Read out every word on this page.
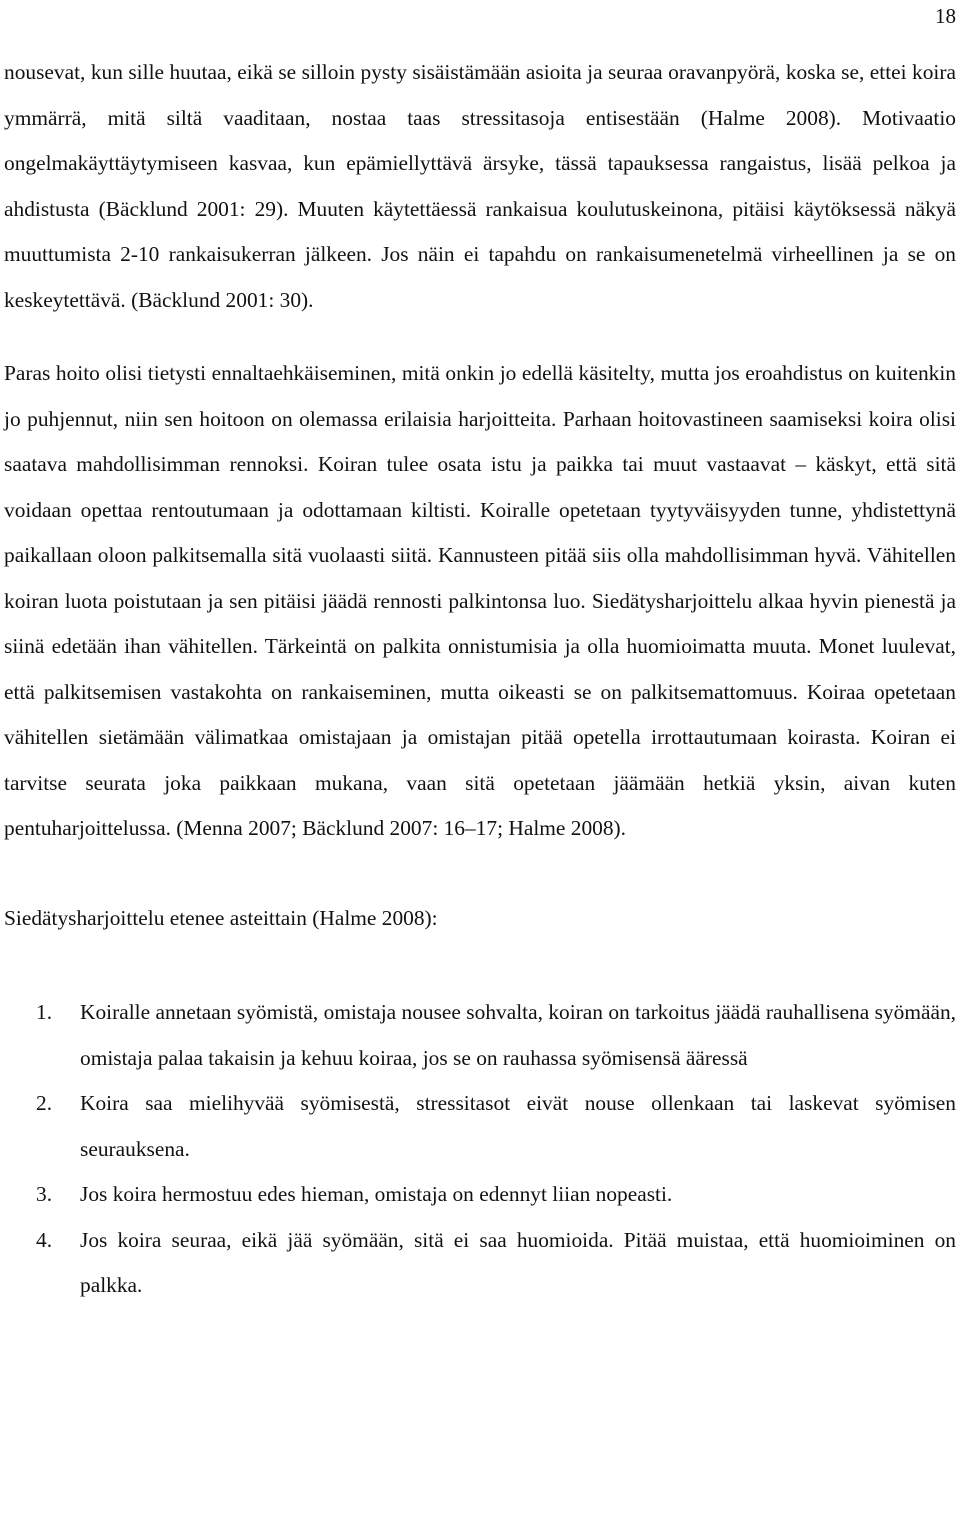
18

nousevat, kun sille huutaa, eikä se silloin pysty sisäistämään asioita ja seuraa oravanpyörä, koska se, ettei koira ymmärrä, mitä siltä vaaditaan, nostaa taas stressitasoja entisestään (Halme 2008). Motivaatio ongelmakäyttäytymiseen kasvaa, kun epämiellyttävä ärsyke, tässä tapauksessa rangaistus, lisää pelkoa ja ahdistusta (Bäcklund 2001: 29). Muuten käytettäessä rankaisua koulutuskeinona, pitäisi käytöksessä näkyä muuttumista 2-10 rankaisukerran jälkeen. Jos näin ei tapahdu on rankaisumenetelmä virheellinen ja se on keskeytettävä. (Bäcklund 2001: 30).

Paras hoito olisi tietysti ennaltaehkäiseminen, mitä onkin jo edellä käsitelty, mutta jos eroahdistus on kuitenkin jo puhjennut, niin sen hoitoon on olemassa erilaisia harjoitteita. Parhaan hoitovastineen saamiseksi koira olisi saatava mahdollisimman rennoksi. Koiran tulee osata istu ja paikka tai muut vastaavat – käskyt, että sitä voidaan opettaa rentoutumaan ja odottamaan kiltisti. Koiralle opetetaan tyytyväisyyden tunne, yhdistettynä paikallaan oloon palkitsemalla sitä vuolaasti siitä. Kannusteen pitää siis olla mahdollisimman hyvä. Vähitellen koiran luota poistutaan ja sen pitäisi jäädä rennosti palkintonsa luo. Siedätysharjoittelu alkaa hyvin pienestä ja siinä edetään ihan vähitellen. Tärkeintä on palkita onnistumisia ja olla huomioimatta muuta. Monet luulevat, että palkitsemisen vastakohta on rankaiseminen, mutta oikeasti se on palkitsemattomuus. Koiraa opetetaan vähitellen sietämään välimatkaa omistajaan ja omistajan pitää opetella irrottautumaan koirasta. Koiran ei tarvitse seurata joka paikkaan mukana, vaan sitä opetetaan jäämään hetkiä yksin, aivan kuten pentuharjoittelussa. (Menna 2007; Bäcklund 2007: 16–17; Halme 2008).

Siedätysharjoittelu etenee asteittain (Halme 2008):

1.	Koiralle annetaan syömistä, omistaja nousee sohvalta, koiran on tarkoitus jäädä rauhallisena syömään, omistaja palaa takaisin ja kehuu koiraa, jos se on rauhassa syömisensä ääressä
2.	Koira saa mielihyvää syömisestä, stressitasot eivät nouse ollenkaan tai laskevat syömisen seurauksena.
3.	Jos koira hermostuu edes hieman, omistaja on edennyt liian nopeasti.
4.	Jos koira seuraa, eikä jää syömään, sitä ei saa huomioida. Pitää muistaa, että huomioiminen on palkka.
